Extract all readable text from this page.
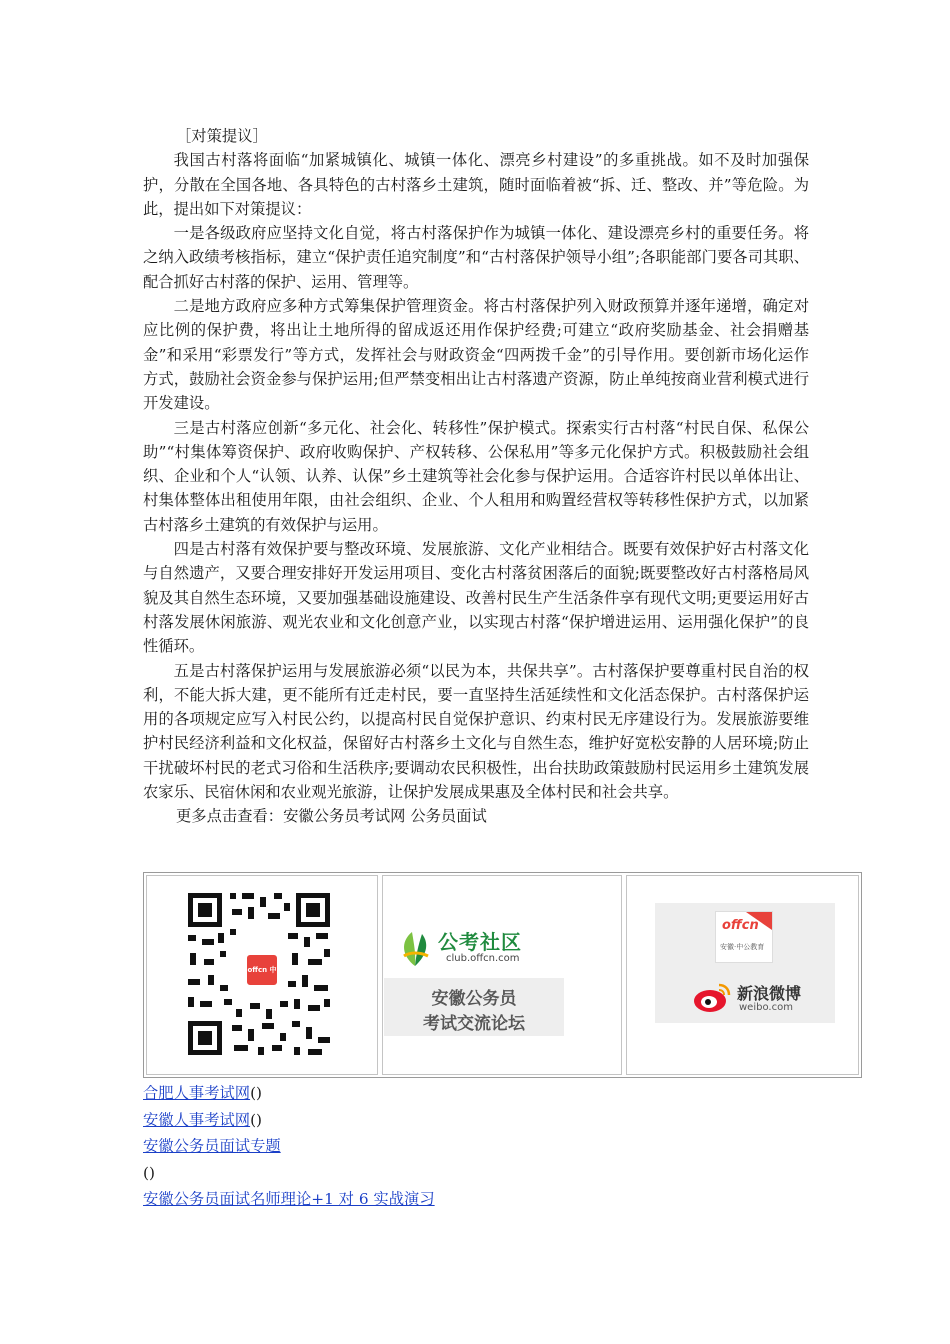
［对策提议］

我国古村落将面临“加紧城镇化、城镇一体化、漂亮乡村建设”的多重挑战。如不及时加强保护，分散在全国各地、各具特色的古村落乡土建筑，随时面临着被“拆、迁、整改、并”等危险。为此，提出如下对策提议：

一是各级政府应坚持文化自觉，将古村落保护作为城镇一体化、建设漂亮乡村的重要任务。将之纳入政绩考核指标，建立“保护责任追究制度”和“古村落保护领导小组”;各职能部门要各司其职、配合抓好古村落的保护、运用、管理等。

二是地方政府应多种方式筹集保护管理资金。将古村落保护列入财政预算并逐年递增，确定对应比例的保护费，将出让土地所得的留成返还用作保护经费;可建立“政府奖励基金、社会捐赠基金”和采用“彩票发行”等方式，发挥社会与财政资金“四两拨千金”的引导作用。要创新市场化运作方式，鼓励社会资金参与保护运用;但严禁变相出让古村落遗产资源，防止单纯按商业营利模式进行开发建设。

三是古村落应创新“多元化、社会化、转移性”保护模式。探索实行古村落“村民自保、私保公助”“村集体筹资保护、政府收购保护、产权转移、公保私用”等多元化保护方式。积极鼓励社会组织、企业和个人“认领、认养、认保”乡土建筑等社会化参与保护运用。合适容许村民以单体出让、村集体整体出租使用年限，由社会组织、企业、个人租用和购置经营权等转移性保护方式，以加紧古村落乡土建筑的有效保护与运用。

四是古村落有效保护要与整改环境、发展旅游、文化产业相结合。既要有效保护好古村落文化与自然遗产，又要合理安排好开发运用项目、变化古村落贫困落后的面貌;既要整改好古村落格局风貌及其自然生态环境，又要加强基础设施建设、改善村民生产生活条件享有现代文明;更要运用好古村落发展休闲旅游、观光农业和文化创意产业，以实现古村落“保护增进运用、运用强化保护”的良性循环。

五是古村落保护运用与发展旅游必须“以民为本，共保共享”。古村落保护要尊重村民自治的权利，不能大拆大建，更不能所有迁走村民，要一直坚持生活延续性和文化活态保护。古村落保护运用的各项规定应写入村民公约，以提高村民自觉保护意识、约束村民无序建设行为。发展旅游要维护村民经济利益和文化权益，保留好古村落乡土文化与自然生态，维护好宽松安静的人居环境;防止干扰破坏村民的老式习俗和生活秩序;要调动农民积极性，出台扶助政策鼓励村民运用乡土建筑发展农家乐、民宿休闲和农业观光旅游，让保护发展成果惠及全体村民和社会共享。

更多点击查看：安徽公务员考试网 公务员面试

offcn 中公教育
公考社区
club.offcn.com
安徽公务员
考试交流论坛
offcn
安徽·中公教育
新浪微博
weibo.com
合肥人事考试网()
安徽人事考试网()
安徽公务员面试专题
()
安徽公务员面试名师理论+1 对 6 实战演习
